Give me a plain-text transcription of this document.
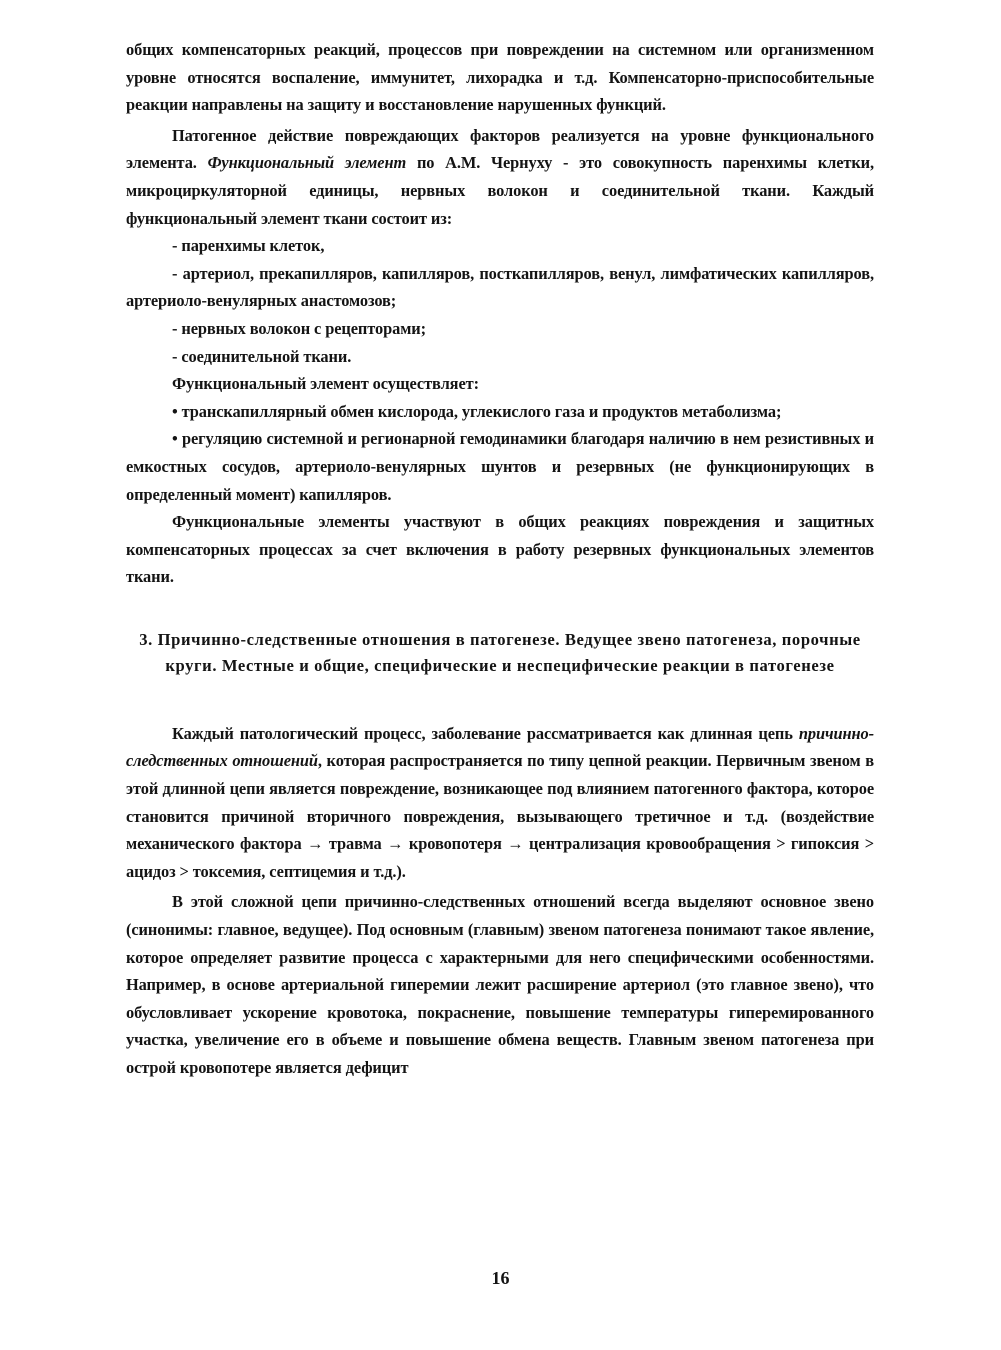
общих компенсаторных реакций, процессов при повреждении на системном или организменном уровне относятся воспаление, иммунитет, лихорадка и т.д. Компенсаторно-приспособительные реакции направлены на защиту и восстановление нарушенных функций.

Патогенное действие повреждающих факторов реализуется на уровне функционального элемента. Функциональный элемент по А.М. Чернуху - это совокупность паренхимы клетки, микроциркуляторной единицы, нервных волокон и соединительной ткани. Каждый функциональный элемент ткани состоит из:

- паренхимы клеток,

- артериол, прекапилляров, капилляров, посткапилляров, венул, лимфатических капилляров, артериоло-венулярных анастомозов;

- нервных волокон с рецепторами;

- соединительной ткани.

Функциональный элемент осуществляет:

• транскапиллярный обмен кислорода, углекислого газа и продуктов метаболизма;

• регуляцию системной и регионарной гемодинамики благодаря наличию в нем резистивных и емкостных сосудов, артериоло-венулярных шунтов и резервных (не функционирующих в определенный момент) капилляров.

Функциональные элементы участвуют в общих реакциях повреждения и защитных компенсаторных процессах за счет включения в работу резервных функциональных элементов ткани.

3. Причинно-следственные отношения в патогенезе. Ведущее звено патогенеза, порочные круги. Местные и общие, специфические и неспецифические реакции в патогенезе

Каждый патологический процесс, заболевание рассматривается как длинная цепь причинно-следственных отношений, которая распространяется по типу цепной реакции. Первичным звеном в этой длинной цепи является повреждение, возникающее под влиянием патогенного фактора, которое становится причиной вторичного повреждения, вызывающего третичное и т.д. (воздействие механического фактора → травма → кровопотеря → централизация кровообращения > гипоксия > ацидоз > токсемия, септицемия и т.д.).

В этой сложной цепи причинно-следственных отношений всегда выделяют основное звено (синонимы: главное, ведущее). Под основным (главным) звеном патогенеза понимают такое явление, которое определяет развитие процесса с характерными для него специфическими особенностями. Например, в основе артериальной гиперемии лежит расширение артериол (это главное звено), что обусловливает ускорение кровотока, покраснение, повышение температуры гиперемированного участка, увеличение его в объеме и повышение обмена веществ. Главным звеном патогенеза при острой кровопотере является дефицит

16
